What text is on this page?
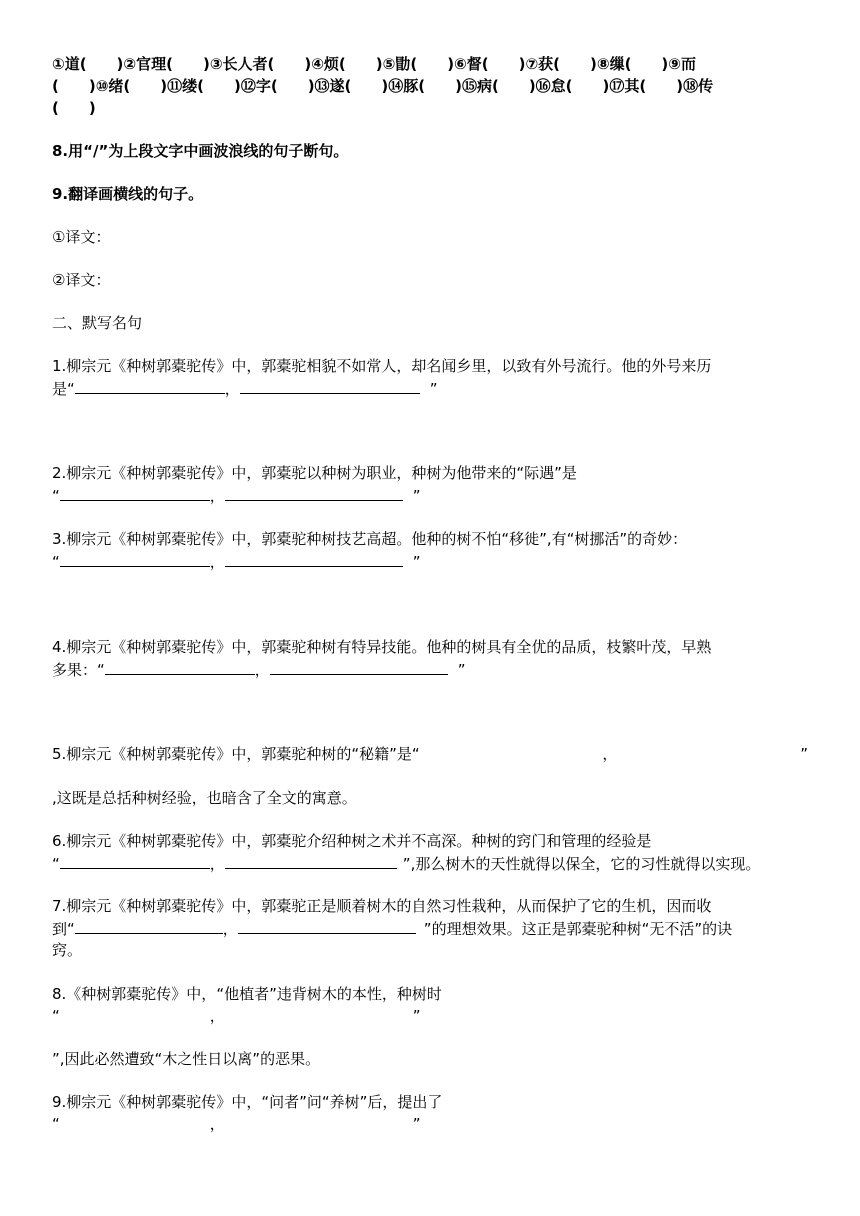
①道(　　)②官理(　　)③长人者(　　)④烦(　　)⑤勖(　　)⑥督(　　)⑦获(　　)⑧缫(　　)⑨而
(　　)⑩绪(　　)⑪缕(　　)⑫字(　　)⑬遂(　　)⑭豚(　　)⑮病(　　)⑯怠(　　)⑰其(　　)⑱传
(　　)
8.用“/”为上段文字中画波浪线的句子断句。
9.翻译画横线的句子。
①译文：
②译文：
二、默写名句
1.柳宗元《种树郭橐驼传》中，郭橐驼相貌不如常人，却名闻乡里，以致有外号流行。他的外号来历
是“	，	”
2.柳宗元《种树郭橐驼传》中，郭橐驼以种树为职业，种树为他带来的“际遇”是
“	，	”
3.柳宗元《种树郭橐驼传》中，郭橐驼种树技艺高超。他种的树不怕“移徙”,有“树挪活”的奇妙：
“	，	”
4.柳宗元《种树郭橐驼传》中，郭橐驼种树有特异技能。他种的树具有全优的品质，枝繁叶茂，早熟
多果：“	，	”
5.柳宗元《种树郭橐驼传》中，郭橐驼种树的“秘籍”是“	，	”
,这既是总括种树经验，也暗含了全文的寓意。
6.柳宗元《种树郭橐驼传》中，郭橐驼介绍种树之术并不高深。种树的窍门和管理的经验是
“	，	”,那么树木的天性就得以保全，它的习性就得以实现。
7.柳宗元《种树郭橐驼传》中，郭橐驼正是顺着树木的自然习性栽种，从而保护了它的生机，因而收
到“	，	”的理想效果。这正是郭橐驼种树“无不活”的诀
窍。
8.《种树郭橐驼传》中，“他植者”违背树木的本性，种树时
“	，	”
”,因此必然遭致“木之性日以离”的恶果。
9.柳宗元《种树郭橐驼传》中，“问者”问“养树”后，提出了
“	，	”
